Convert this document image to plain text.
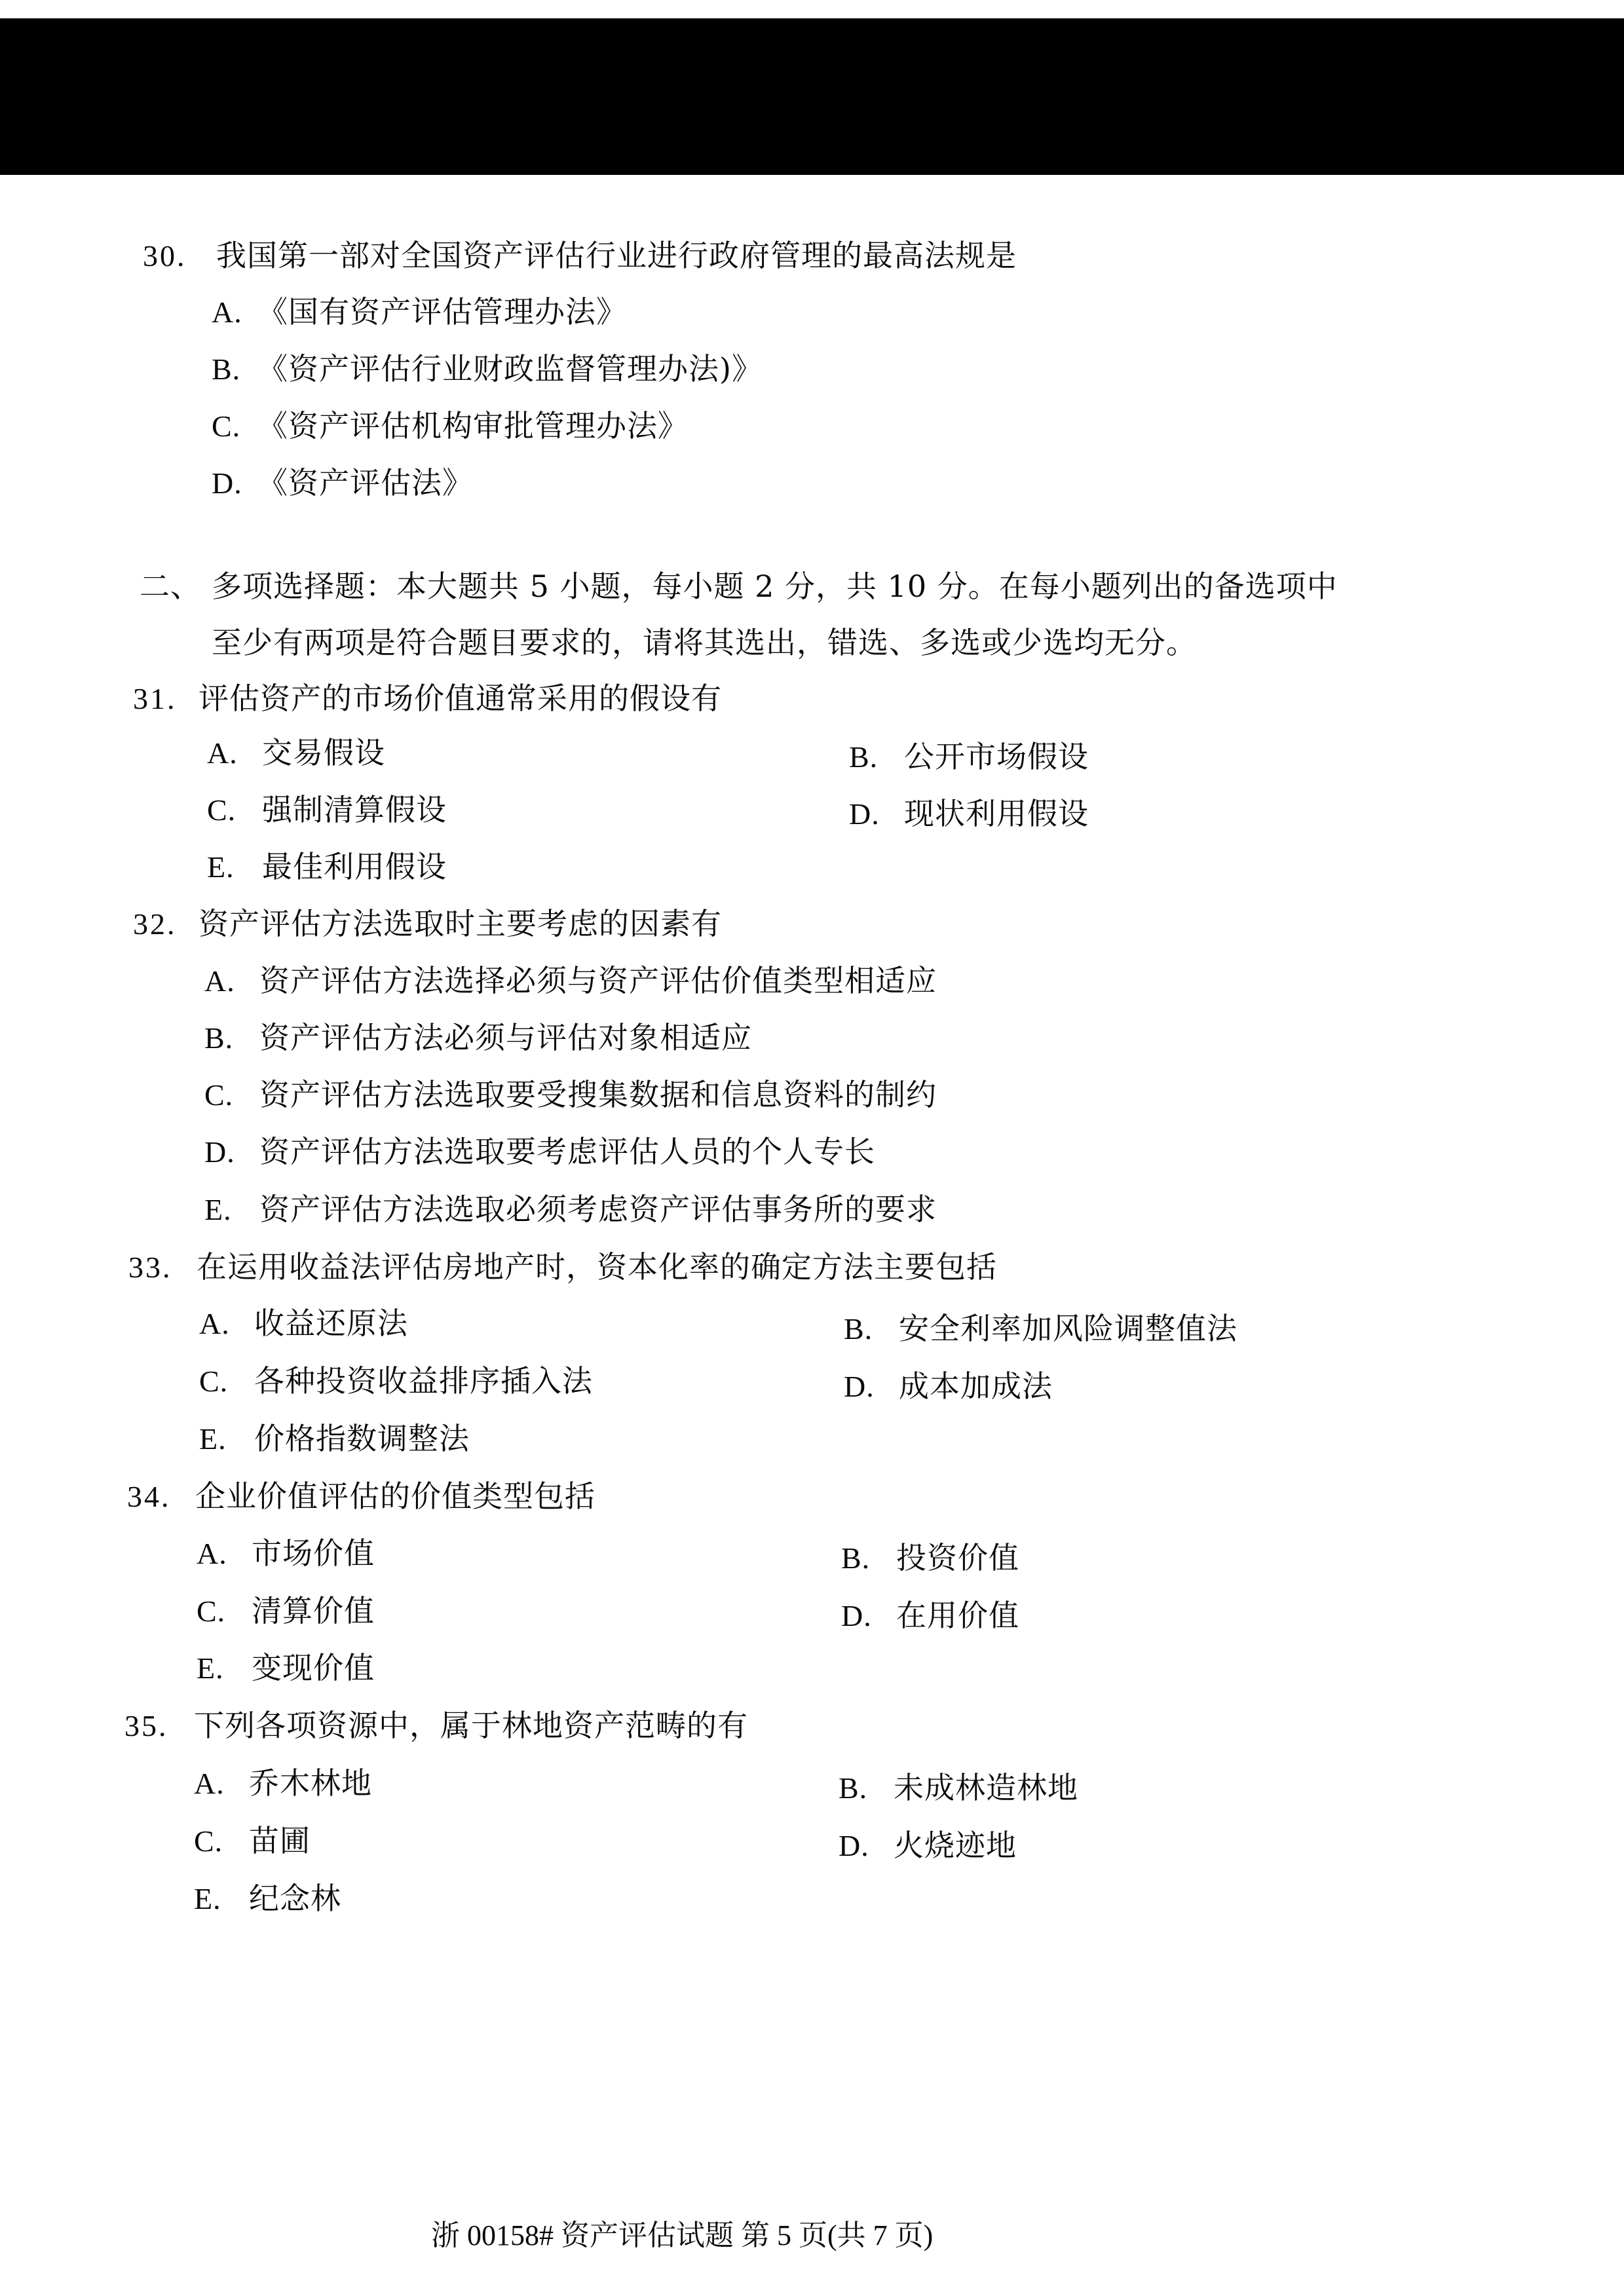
30. 我国第一部对全国资产评估行业进行政府管理的最高法规是
A. 《国有资产评估管理办法》
B. 《资产评估行业财政监督管理办法)》
C. 《资产评估机构审批管理办法》
D. 《资产评估法》
二、 多项选择题：本大题共 5 小题，每小题 2 分，共 10 分。在每小题列出的备选项中
至少有两项是符合题目要求的，请将其选出，错选、多选或少选均无分。
31. 评估资产的市场价值通常采用的假设有
A. 交易假设	B. 公开市场假设
C. 强制清算假设	D. 现状利用假设
E. 最佳利用假设
32. 资产评估方法选取时主要考虑的因素有
A. 资产评估方法选择必须与资产评估价值类型相适应
B. 资产评估方法必须与评估对象相适应
C. 资产评估方法选取要受搜集数据和信息资料的制约
D. 资产评估方法选取要考虑评估人员的个人专长
E. 资产评估方法选取必须考虑资产评估事务所的要求
33. 在运用收益法评估房地产时，资本化率的确定方法主要包括
A. 收益还原法	B. 安全利率加风险调整值法
C. 各种投资收益排序插入法	D. 成本加成法
E. 价格指数调整法
34. 企业价值评估的价值类型包括
A. 市场价值	B. 投资价值
C. 清算价值	D. 在用价值
E. 变现价值
35. 下列各项资源中，属于林地资产范畴的有
A. 乔木林地	B. 未成林造林地
C. 苗圃	D. 火烧迹地
E. 纪念林
浙 00158# 资产评估试题 第 5 页(共 7 页)
